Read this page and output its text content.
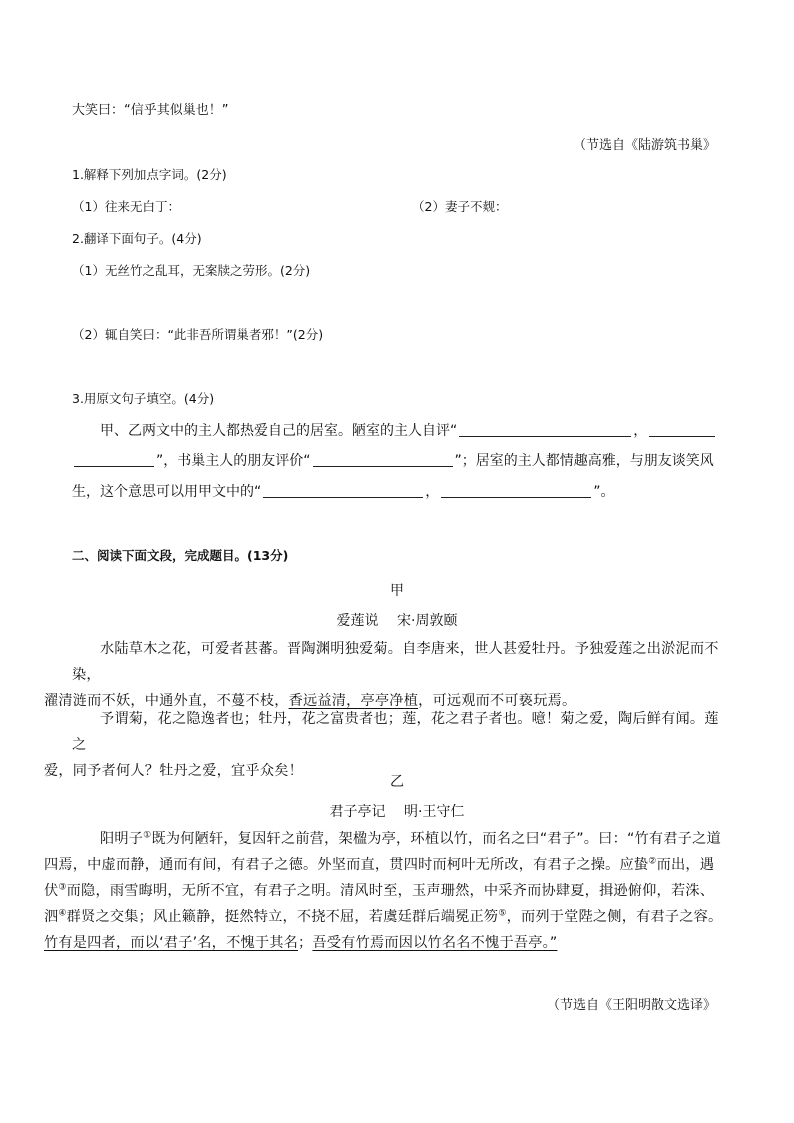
大笑曰：“信乎其似巢也！”
（节选自《陆游筑书巢》
1.解释下列加点字词。(2分)
（1）往来无白丁：	（2）妻子不觌：
2.翻译下面句子。(4分)
（1）无丝竹之乱耳，无案牍之劳形。(2分)
（2）辄自笑曰：“此非吾所谓巢者邪！”(2分)
3.用原文句子填空。(4分)
甲、乙两文中的主人都热爱自己的居室。陋室的主人自评“	，
”，书巢主人的朋友评价“	”；居室的主人都情趣高雅，与朋友谈笑风
生，这个意思可以用甲文中的“	，	”。
二、阅读下面文段，完成题目。(13分)
甲
爱莲说　 宋·周敦颐
水陆草木之花，可爱者甚蕃。晋陶渊明独爱菊。自李唐来，世人甚爱牡丹。予独爱莲之出淤泥而不染，
濯清涟而不妖，中通外直，不蔓不枝，香远益清，亭亭净植，可远观而不可亵玩焉。
予谓菊，花之隐逸者也；牡丹，花之富贵者也；莲，花之君子者也。噫！菊之爱，陶后鲜有闻。莲之
爱，同予者何人？牡丹之爱，宜乎众矣！
乙
君子亭记　 明·王守仁
阳明子①既为何陋轩，复因轩之前营，架楹为亭，环植以竹，而名之曰“君子”。曰：“竹有君子之道
四焉，中虚而静，通而有间，有君子之德。外坚而直，贯四时而柯叶无所改，有君子之操。应蛰②而出，遇
伏③而隐，雨雪晦明，无所不宜，有君子之明。清风时至，玉声珊然，中采齐而协肆夏，揖逊俯仰，若洙、
泗④群贤之交集；风止籁静，挺然特立，不挠不屈，若虞廷群后端冕正笏⑤，而列于堂陛之侧，有君子之容。
竹有是四者，而以‘君子’名，不愧于其名；吾受有竹焉而因以竹名名不愧于吾亭。”
（节选自《王阳明散文选译》
